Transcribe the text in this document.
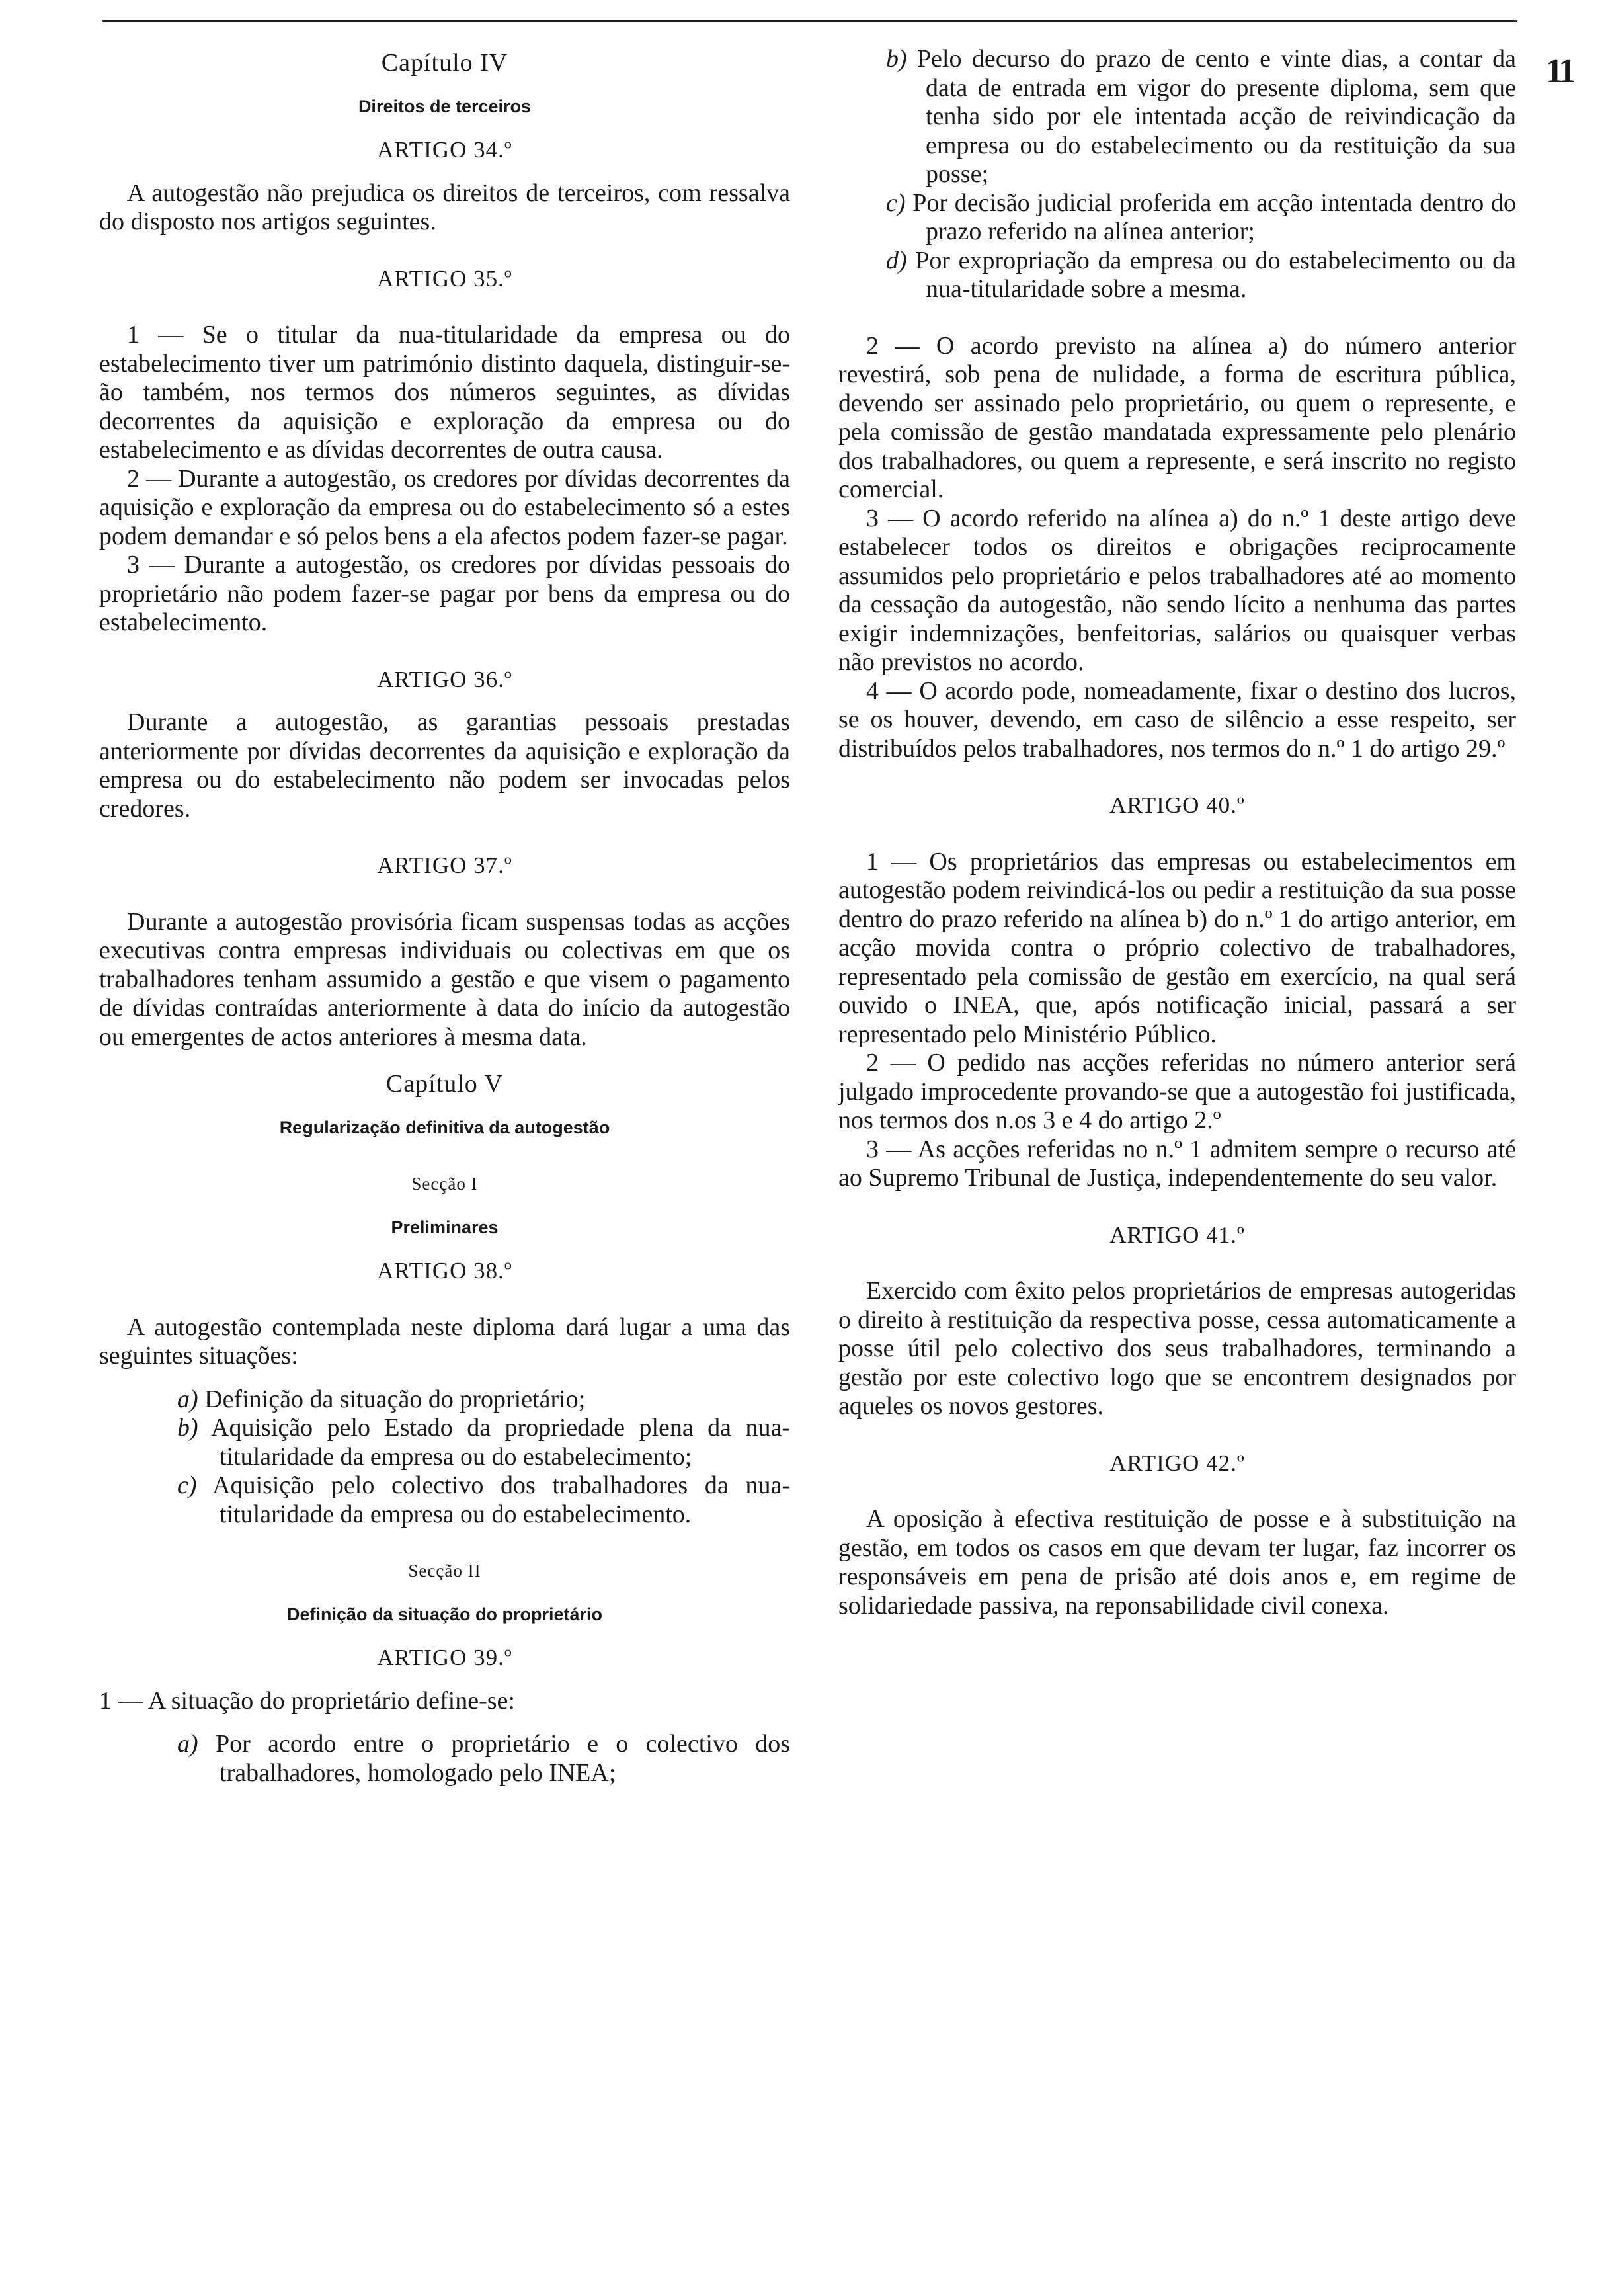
11
Capítulo IV
Direitos de terceiros
ARTIGO 34.º

A autogestão não prejudica os direitos de terceiros, com ressalva do disposto nos artigos seguintes.

ARTIGO 35.º

1 — Se o titular da nua-titularidade da empresa ou do estabelecimento tiver um património distinto daquela, distinguir-se-ão também, nos termos dos números seguintes, as dívidas decorrentes da aquisição e exploração da empresa ou do estabelecimento e as dívidas decorrentes de outra causa.

2 — Durante a autogestão, os credores por dívidas decorrentes da aquisição e exploração da empresa ou do estabelecimento só a estes podem demandar e só pelos bens a ela afectos podem fazer-se pagar.

3 — Durante a autogestão, os credores por dívidas pessoais do proprietário não podem fazer-se pagar por bens da empresa ou do estabelecimento.

ARTIGO 36.º

Durante a autogestão, as garantias pessoais prestadas anteriormente por dívidas decorrentes da aquisição e exploração da empresa ou do estabelecimento não podem ser invocadas pelos credores.

ARTIGO 37.º

Durante a autogestão provisória ficam suspensas todas as acções executivas contra empresas individuais ou colectivas em que os trabalhadores tenham assumido a gestão e que visem o pagamento de dívidas contraídas anteriormente à data do início da autogestão ou emergentes de actos anteriores à mesma data.

Capítulo V
Regularização definitiva da autogestão
Secção I
Preliminares
ARTIGO 38.º

A autogestão contemplada neste diploma dará lugar a uma das seguintes situações:

a) Definição da situação do proprietário;

b) Aquisição pelo Estado da propriedade plena da nua-titularidade da empresa ou do estabelecimento;

c) Aquisição pelo colectivo dos trabalhadores da nua-titularidade da empresa ou do estabelecimento.

Secção II
Definição da situação do proprietário
ARTIGO 39.º

1 — A situação do proprietário define-se:

a) Por acordo entre o proprietário e o colectivo dos trabalhadores, homologado pelo INEA;

b) Pelo decurso do prazo de cento e vinte dias, a contar da data de entrada em vigor do presente diploma, sem que tenha sido por ele intentada acção de reivindicação da empresa ou do estabelecimento ou da restituição da sua posse;

c) Por decisão judicial proferida em acção intentada dentro do prazo referido na alínea anterior;

d) Por expropriação da empresa ou do estabelecimento ou da nua-titularidade sobre a mesma.

2 — O acordo previsto na alínea a) do número anterior revestirá, sob pena de nulidade, a forma de escritura pública, devendo ser assinado pelo proprietário, ou quem o represente, e pela comissão de gestão mandatada expressamente pelo plenário dos trabalhadores, ou quem a represente, e será inscrito no registo comercial.

3 — O acordo referido na alínea a) do n.º 1 deste artigo deve estabelecer todos os direitos e obrigações reciprocamente assumidos pelo proprietário e pelos trabalhadores até ao momento da cessação da autogestão, não sendo lícito a nenhuma das partes exigir indemnizações, benfeitorias, salários ou quaisquer verbas não previstos no acordo.

4 — O acordo pode, nomeadamente, fixar o destino dos lucros, se os houver, devendo, em caso de silêncio a esse respeito, ser distribuídos pelos trabalhadores, nos termos do n.º 1 do artigo 29.º

ARTIGO 40.º

1 — Os proprietários das empresas ou estabelecimentos em autogestão podem reivindicá-los ou pedir a restituição da sua posse dentro do prazo referido na alínea b) do n.º 1 do artigo anterior, em acção movida contra o próprio colectivo de trabalhadores, representado pela comissão de gestão em exercício, na qual será ouvido o INEA, que, após notificação inicial, passará a ser representado pelo Ministério Público.

2 — O pedido nas acções referidas no número anterior será julgado improcedente provando-se que a autogestão foi justificada, nos termos dos n.os 3 e 4 do artigo 2.º

3 — As acções referidas no n.º 1 admitem sempre o recurso até ao Supremo Tribunal de Justiça, independentemente do seu valor.

ARTIGO 41.º

Exercido com êxito pelos proprietários de empresas autogeridas o direito à restituição da respectiva posse, cessa automaticamente a posse útil pelo colectivo dos seus trabalhadores, terminando a gestão por este colectivo logo que se encontrem designados por aqueles os novos gestores.

ARTIGO 42.º

A oposição à efectiva restituição de posse e à substituição na gestão, em todos os casos em que devam ter lugar, faz incorrer os responsáveis em pena de prisão até dois anos e, em regime de solidariedade passiva, na reponsabilidade civil conexa.
